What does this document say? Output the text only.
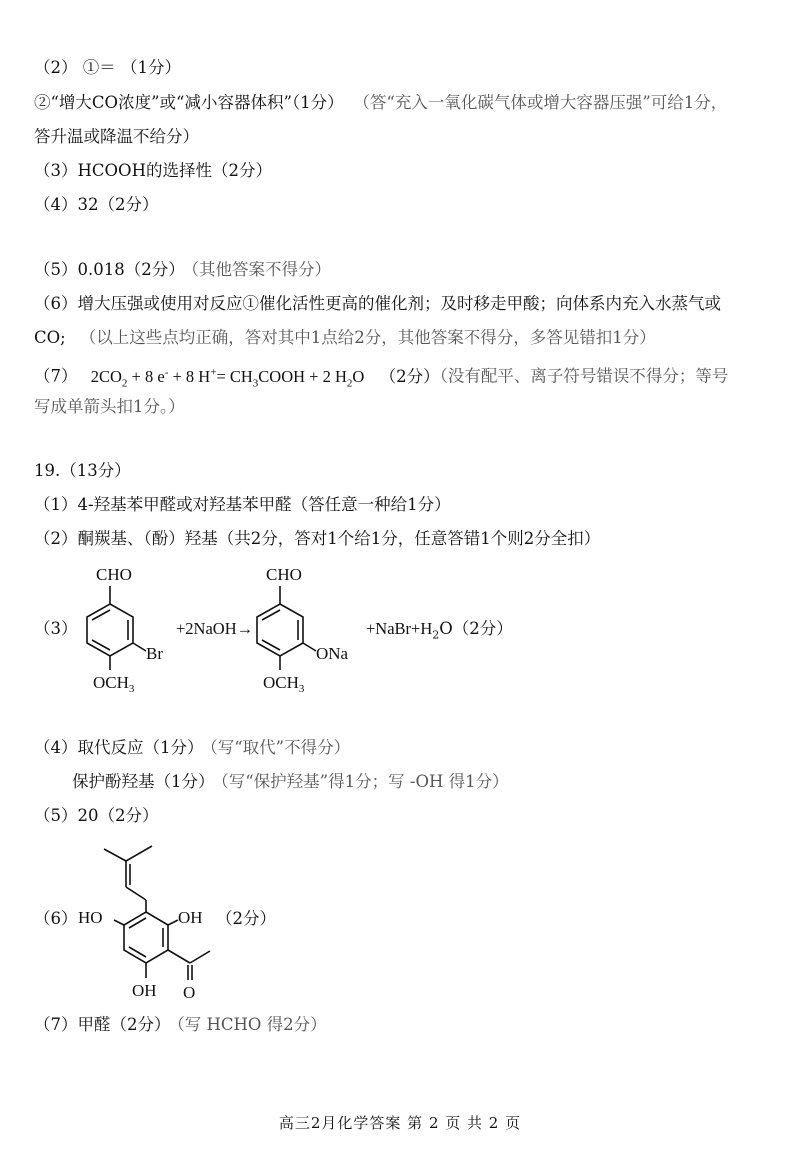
（2） ①＝ （1分）
②“增大CO浓度”或“减小容器体积”（1分） （答“充入一氧化碳气体或增大容器压强”可给1分，
答升温或降温不给分）
（3）HCOOH的选择性（2分）
（4）32（2分）
（5）0.018（2分） （其他答案不得分）
（6）增大压强或使用对反应①催化活性更高的催化剂；及时移走甲酸；向体系内充入水蒸气或
CO; （以上这些点均正确，答对其中1点给2分，其他答案不得分，多答见错扣1分）
（7） $2CO_2 + 8$ e- + 8 $H^+= CH_3COOH + 2$ $H_2O$ （2分）（没有配平、离子符号错误不得分；等号
写成单箭头扣1分。）
19.（13分）
（1）4-羟基苯甲醛或对羟基苯甲醛（答任意一种给1分）
（2）酮羰基、（酚）羟基（共2分，答对1个给1分，任意答错1个则2分全扣）
（3）
CHO
Br
$OCH_3$
+2NaOH→
CHO
ONa
$OCH_3$
$+NaBr+H_2O(2$分）
（4）取代反应（1分） （写“取代”不得分）
保护酚羟基（1分） （写“保护羟基”得1分；写 -OH 得1分）
（5）20（2分）
（6） HO	OH
OH O
（2分）
（7）甲醛（2分） （写 HCHO 得2分）
高三2月化学答案 第 2 页 共 2 页
